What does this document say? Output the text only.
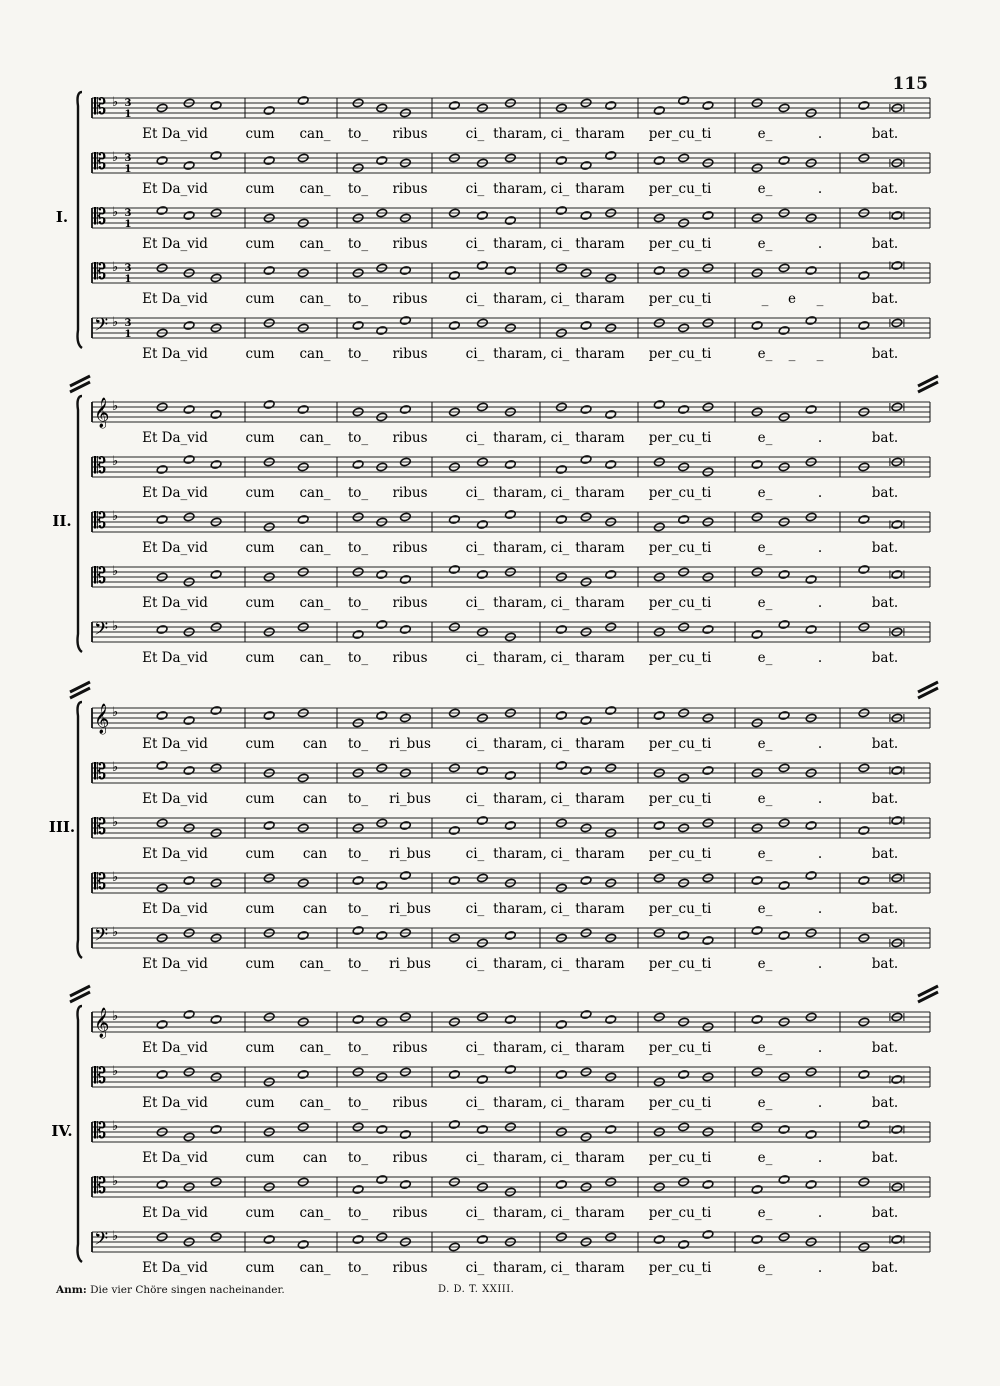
115
I.
𝄡 ♭ 3
1
Et Da_vid	cum can_ to_ ribus	ci_ tharam, ci_ tharam per_cu_ti	e_	.	bat.
𝄡 ♭ 3
1
Et Da_vid	cum can_ to_ ribus	ci_ tharam, ci_ tharam per_cu_ti	e_	.	bat.
𝄡 ♭ 3
1
Et Da_vid	cum can_ to_ ribus	ci_ tharam, ci_ tharam per_cu_ti	e_	.	bat.
𝄡 ♭ 3
1
Et Da_vid	cum can_ to_ ribus	ci_ tharam, ci_ tharam per_cu_ti	_ e _	bat.
𝄢 ♭ 3
1
Et Da_vid	cum can_ to_ ribus	ci_ tharam, ci_ tharam per_cu_ti	e_ _ _	bat.
II.
𝄞 ♭
Et Da_vid	cum can_ to_ ribus	ci_ tharam, ci_ tharam per_cu_ti	e_	.	bat.
𝄡 ♭
Et Da_vid	cum can_ to_ ribus	ci_ tharam, ci_ tharam per_cu_ti	e_	.	bat.
𝄡 ♭
Et Da_vid	cum can_ to_ ribus	ci_ tharam, ci_ tharam per_cu_ti	e_	.	bat.
𝄡 ♭
Et Da_vid	cum can_ to_ ribus	ci_ tharam, ci_ tharam per_cu_ti	e_	.	bat.
𝄢 ♭
Et Da_vid	cum can_ to_ ribus	ci_ tharam, ci_ tharam per_cu_ti	e_	.	bat.
III.
𝄞 ♭
Et Da_vid	cum can to_ ri_bus	ci_ tharam, ci_ tharam per_cu_ti	e_	.	bat.
𝄡 ♭
Et Da_vid	cum can to_ ri_bus	ci_ tharam, ci_ tharam per_cu_ti	e_	.	bat.
𝄡 ♭
Et Da_vid	cum can to_ ri_bus	ci_ tharam, ci_ tharam per_cu_ti	e_	.	bat.
𝄡 ♭
Et Da_vid	cum can to_ ri_bus	ci_ tharam, ci_ tharam per_cu_ti	e_	.	bat.
𝄢 ♭
Et Da_vid	cum can_ to_ ri_bus	ci_ tharam, ci_ tharam per_cu_ti	e_	.	bat.
IV.
𝄞 ♭
Et Da_vid	cum can_ to_ ribus	ci_ tharam, ci_ tharam per_cu_ti	e_	.	bat.
𝄡 ♭
Et Da_vid	cum can_ to_ ribus	ci_ tharam, ci_ tharam per_cu_ti	e_	.	bat.
𝄡 ♭
Et Da_vid	cum can to_ ribus	ci_ tharam, ci_ tharam per_cu_ti	e_	.	bat.
𝄡 ♭
Et Da_vid	cum can_ to_ ribus	ci_ tharam, ci_ tharam per_cu_ti	e_	.	bat.
𝄢 ♭
Et Da_vid	cum can_ to_ ribus	ci_ tharam, ci_ tharam per_cu_ti	e_	.	bat.
Anm: Die vier Chöre singen nacheinander.	D. D. T. XXIII.
